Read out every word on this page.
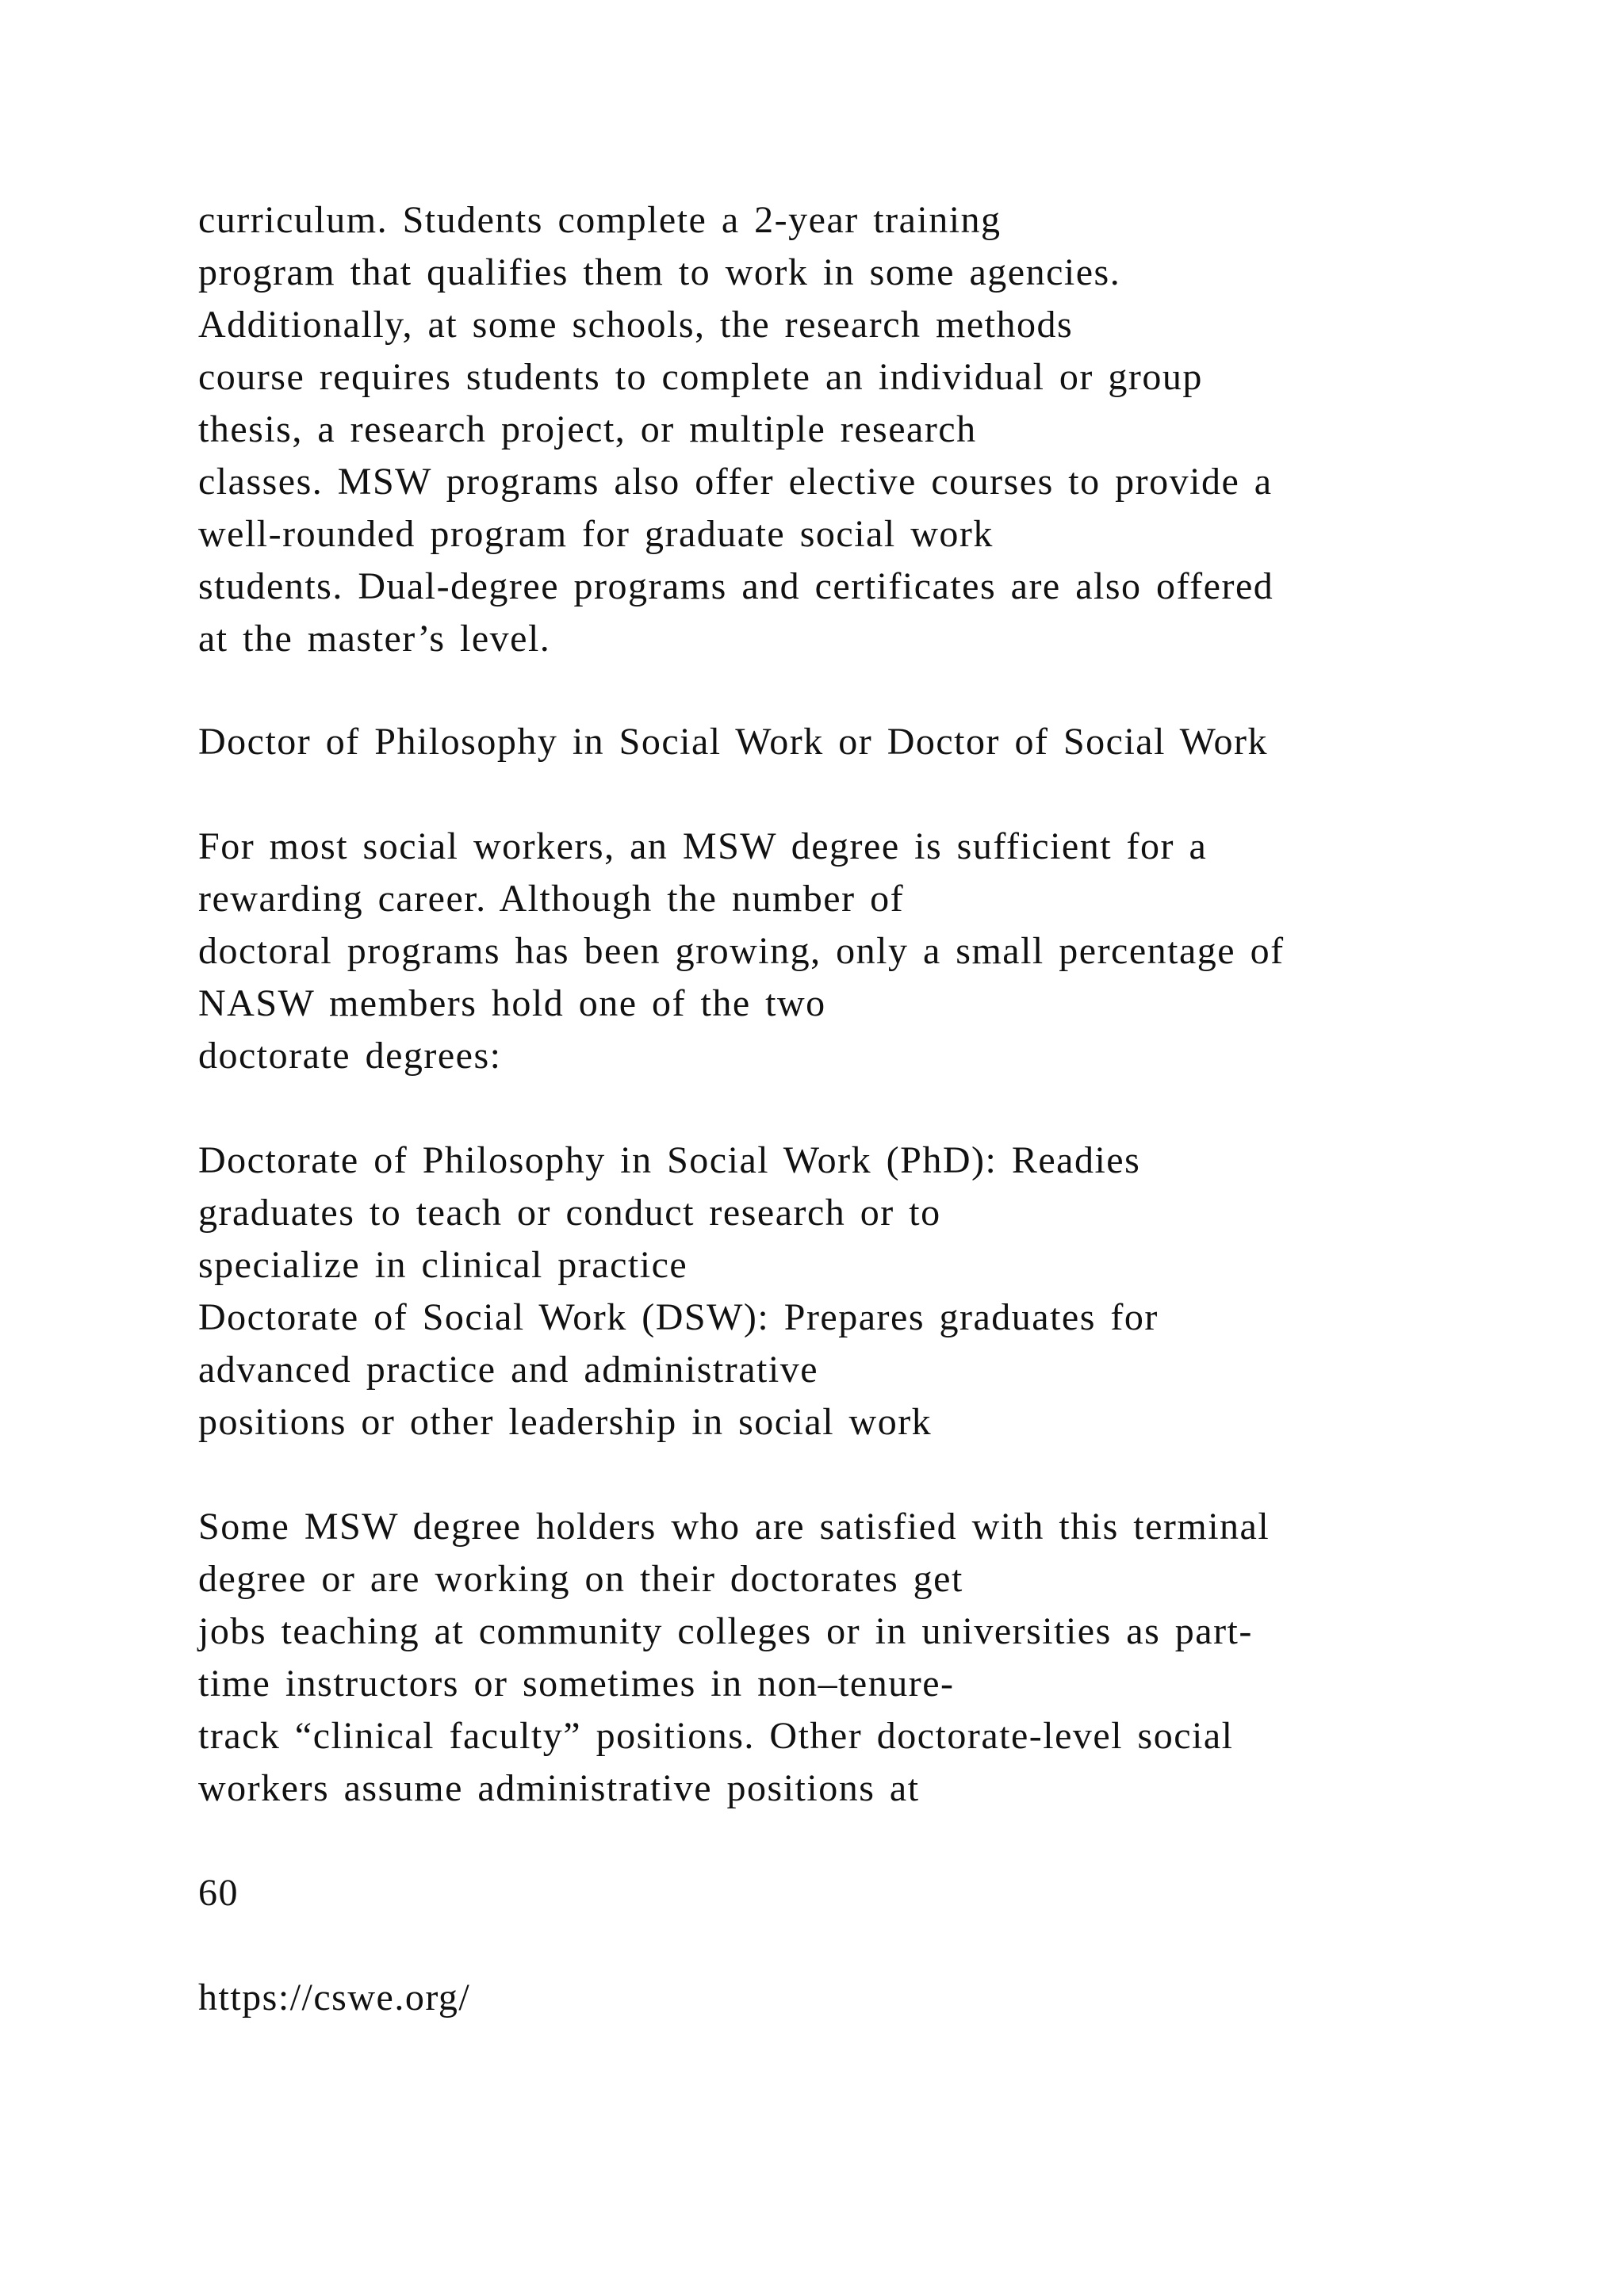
curriculum. Students complete a 2-year training

program that qualifies them to work in some agencies.

Additionally, at some schools, the research methods

course requires students to complete an individual or group

thesis, a research project, or multiple research

classes. MSW programs also offer elective courses to provide a

well-rounded program for graduate social work

students. Dual-degree programs and certificates are also offered

at the master’s level.

Doctor of Philosophy in Social Work or Doctor of Social Work

For most social workers, an MSW degree is sufficient for a

rewarding career. Although the number of

doctoral programs has been growing, only a small percentage of

NASW members hold one of the two

doctorate degrees:

Doctorate of Philosophy in Social Work (PhD): Readies

graduates to teach or conduct research or to

specialize in clinical practice

Doctorate of Social Work (DSW): Prepares graduates for

advanced practice and administrative

positions or other leadership in social work

Some MSW degree holders who are satisfied with this terminal

degree or are working on their doctorates get

jobs teaching at community colleges or in universities as part-

time instructors or sometimes in non–tenure-

track “clinical faculty” positions. Other doctorate-level social

workers assume administrative positions at

60

https://cswe.org/
